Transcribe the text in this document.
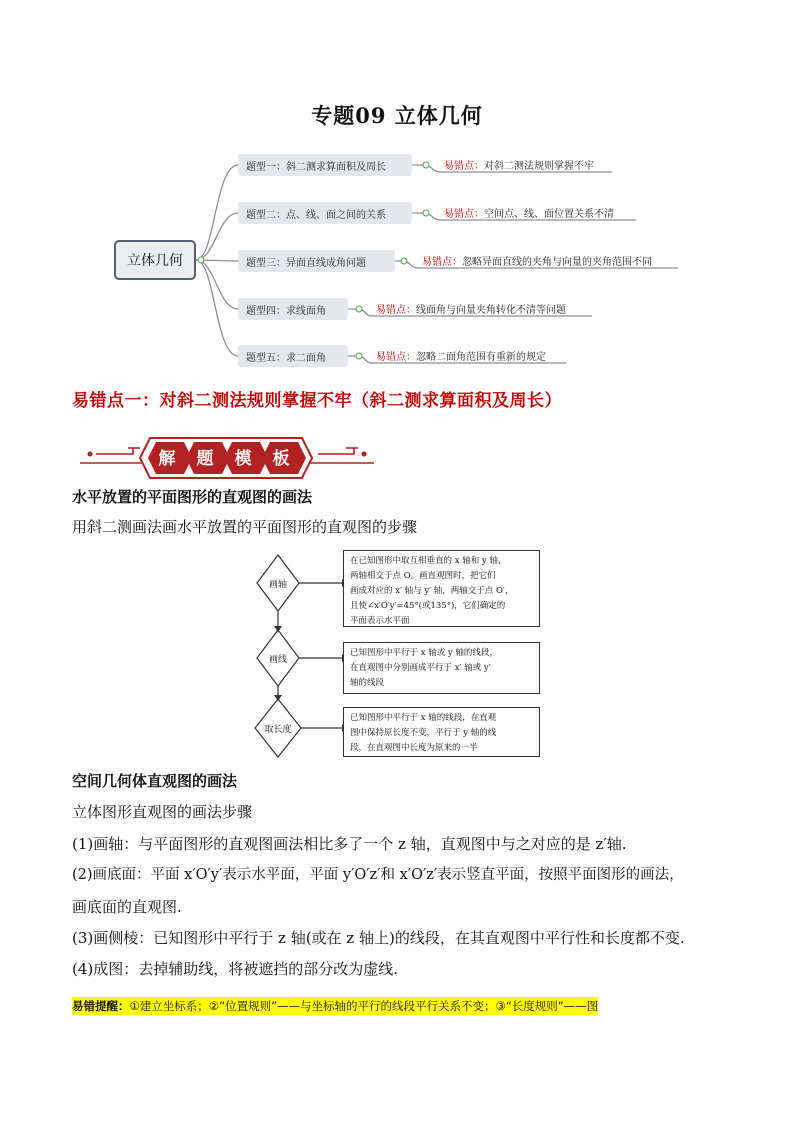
专题09 立体几何
立体几何
题型一：斜二测求算面积及周长
题型二：点、线、面之间的关系
题型三：异面直线成角问题
题型四：求线面角
题型五：求二面角
易错点：对斜二测法规则掌握不牢
易错点：空间点、线、面位置关系不清
易错点：忽略异面直线的夹角与向量的夹角范围不同
易错点：线面角与向量夹角转化不清等问题
易错点：忽略二面角范围有重新的规定
易错点一：对斜二测法规则掌握不牢（斜二测求算面积及周长）
解	题	模	板
水平放置的平面图形的直观图的画法
用斜二测画法画水平放置的平面图形的直观图的步骤
画轴
画线
取长度
在已知图形中取互相垂直的 x 轴和 y 轴，
两轴相交于点 O。画直观图时，把它们
画成对应的 x′ 轴与 y′ 轴，两轴交于点 O′，
且使∠x′O′y′=45°(或135°)，它们确定的
平面表示水平面
已知图形中平行于 x 轴或 y 轴的线段，
在直观图中分别画成平行于 x′ 轴或 y′
轴的线段
已知图形中平行于 x 轴的线段，在直观
图中保持原长度不变，平行于 y 轴的线
段，在直观图中长度为原来的一半
空间几何体直观图的画法
立体图形直观图的画法步骤
(1)画轴：与平面图形的直观图画法相比多了一个 z 轴，直观图中与之对应的是 z′轴.
(2)画底面：平面 x′O′y′表示水平面，平面 y′O′z′和 x′O′z′表示竖直平面，按照平面图形的画法，
画底面的直观图.
(3)画侧棱：已知图形中平行于 z 轴(或在 z 轴上)的线段，在其直观图中平行性和长度都不变.
(4)成图：去掉辅助线，将被遮挡的部分改为虚线.
易错提醒：①建立坐标系；②“位置规则”——与坐标轴的平行的线段平行关系不变；③“长度规则”——图
